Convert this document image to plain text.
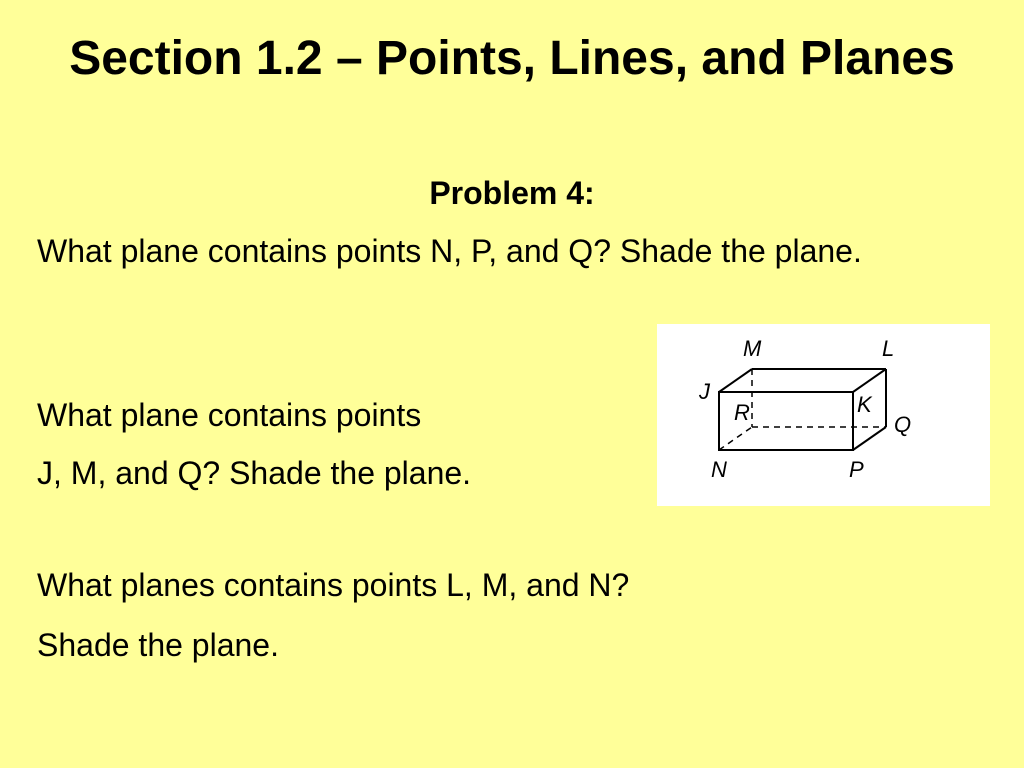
Section 1.2 – Points, Lines, and Planes
Problem 4:
What plane contains points N, P, and Q? Shade the plane.
What plane contains points
J, M, and Q? Shade the plane.
What planes contains points L, M, and N?
Shade the plane.
M	L
J
R	K
Q
N	P
